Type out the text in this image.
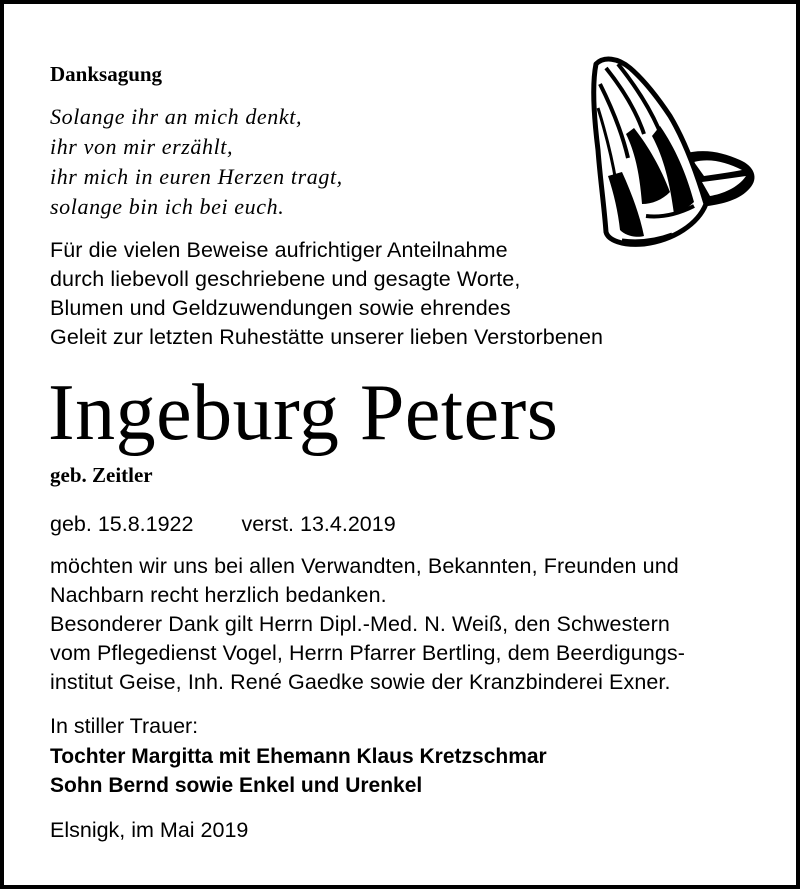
Danksagung
Solange ihr an mich denkt,
ihr von mir erzählt,
ihr mich in euren Herzen tragt,
solange bin ich bei euch.
Für die vielen Beweise aufrichtiger Anteilnahme
durch liebevoll geschriebene und gesagte Worte,
Blumen und Geldzuwendungen sowie ehrendes
Geleit zur letzten Ruhestätte unserer lieben Verstorbenen
Ingeburg Peters
geb. Zeitler
geb. 15.8.1922 verst. 13.4.2019
möchten wir uns bei allen Verwandten, Bekannten, Freunden und
Nachbarn recht herzlich bedanken.
Besonderer Dank gilt Herrn Dipl.-Med. N. Weiß, den Schwestern
vom Pflegedienst Vogel, Herrn Pfarrer Bertling, dem Beerdigungs-
institut Geise, Inh. René Gaedke sowie der Kranzbinderei Exner.
In stiller Trauer:
Tochter Margitta mit Ehemann Klaus Kretzschmar
Sohn Bernd sowie Enkel und Urenkel
Elsnigk, im Mai 2019
